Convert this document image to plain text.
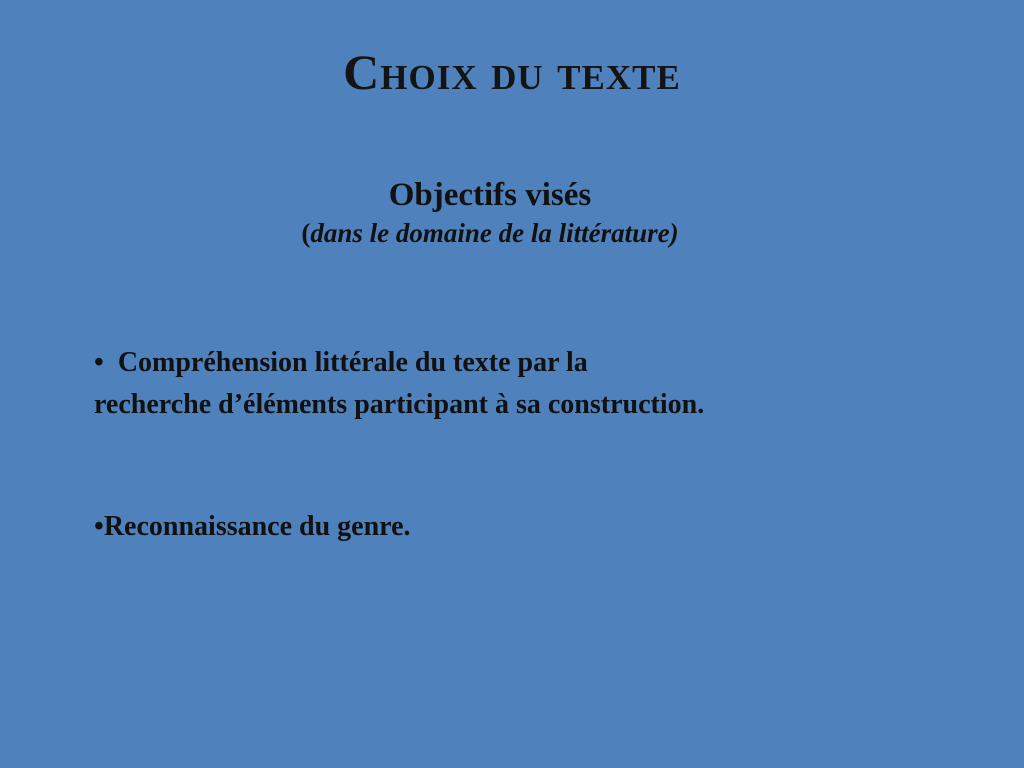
Choix du texte
Objectifs visés
(dans le domaine de la littérature)
• Compréhension littérale du texte par la
recherche d’éléments participant à sa construction.
•Reconnaissance du genre.
